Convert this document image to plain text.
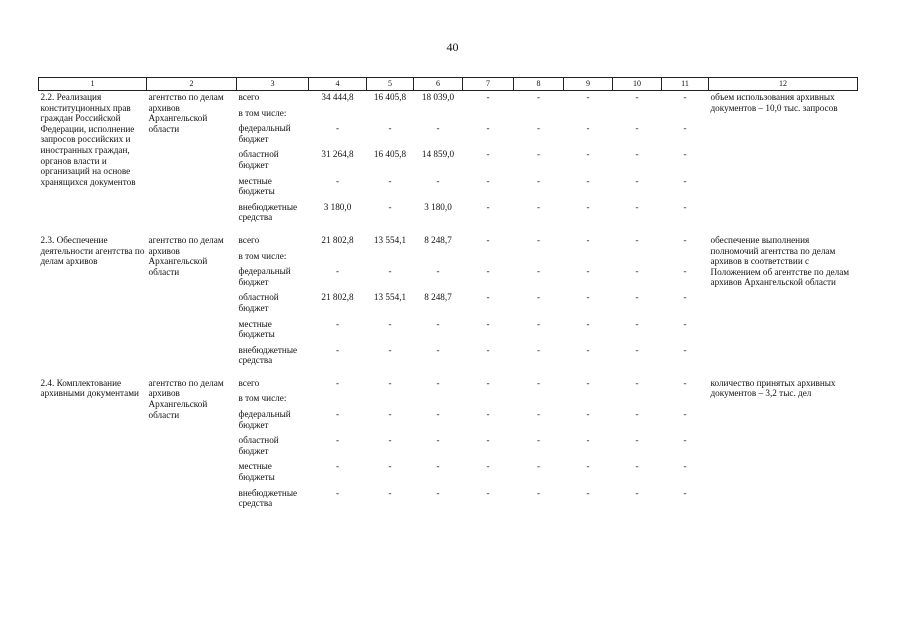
40
1	2	3	4	5	6	7	8	9	10	11	12
2.2. Реализация конституционных прав граждан Российской Федерации, исполнение запросов российских и иностранных граждан, органов власти и организаций на основе хранящихся документов	агентство по делам архивов Архангельской области	всего	34 444,8	16 405,8	18 039,0	-	-	-	-	-	объем использования архивных документов – 10,0 тыс. запросов
		в том числе:									
		федеральный бюджет	-	-	-	-	-	-	-	-	
		областной бюджет	31 264,8	16 405,8	14 859,0	-	-	-	-	-	
		местные бюджеты	-	-	-	-	-	-	-	-	
		внебюджетные средства	3 180,0	-	3 180,0	-	-	-	-	-	

2.3. Обеспечение деятельности агентства по делам архивов	агентство по делам архивов Архангельской области	всего	21 802,8	13 554,1	8 248,7	-	-	-	-	-	обеспечение выполнения полномочий агентства по делам архивов в соответствии с Положением об агентстве по делам архивов Архангельской области
		в том числе:									
		федеральный бюджет	-	-	-	-	-	-	-	-	
		областной бюджет	21 802,8	13 554,1	8 248,7	-	-	-	-	-	
		местные бюджеты	-	-	-	-	-	-	-	-	
		внебюджетные средства	-	-	-	-	-	-	-	-	

2.4. Комплектование архивными документами	агентство по делам архивов Архангельской области	всего	-	-	-	-	-	-	-	-	количество принятых архивных документов – 3,2 тыс. дел
		в том числе:									
		федеральный бюджет	-	-	-	-	-	-	-	-	
		областной бюджет	-	-	-	-	-	-	-	-	
		местные бюджеты	-	-	-	-	-	-	-	-	
		внебюджетные средства	-	-	-	-	-	-	-	-	
